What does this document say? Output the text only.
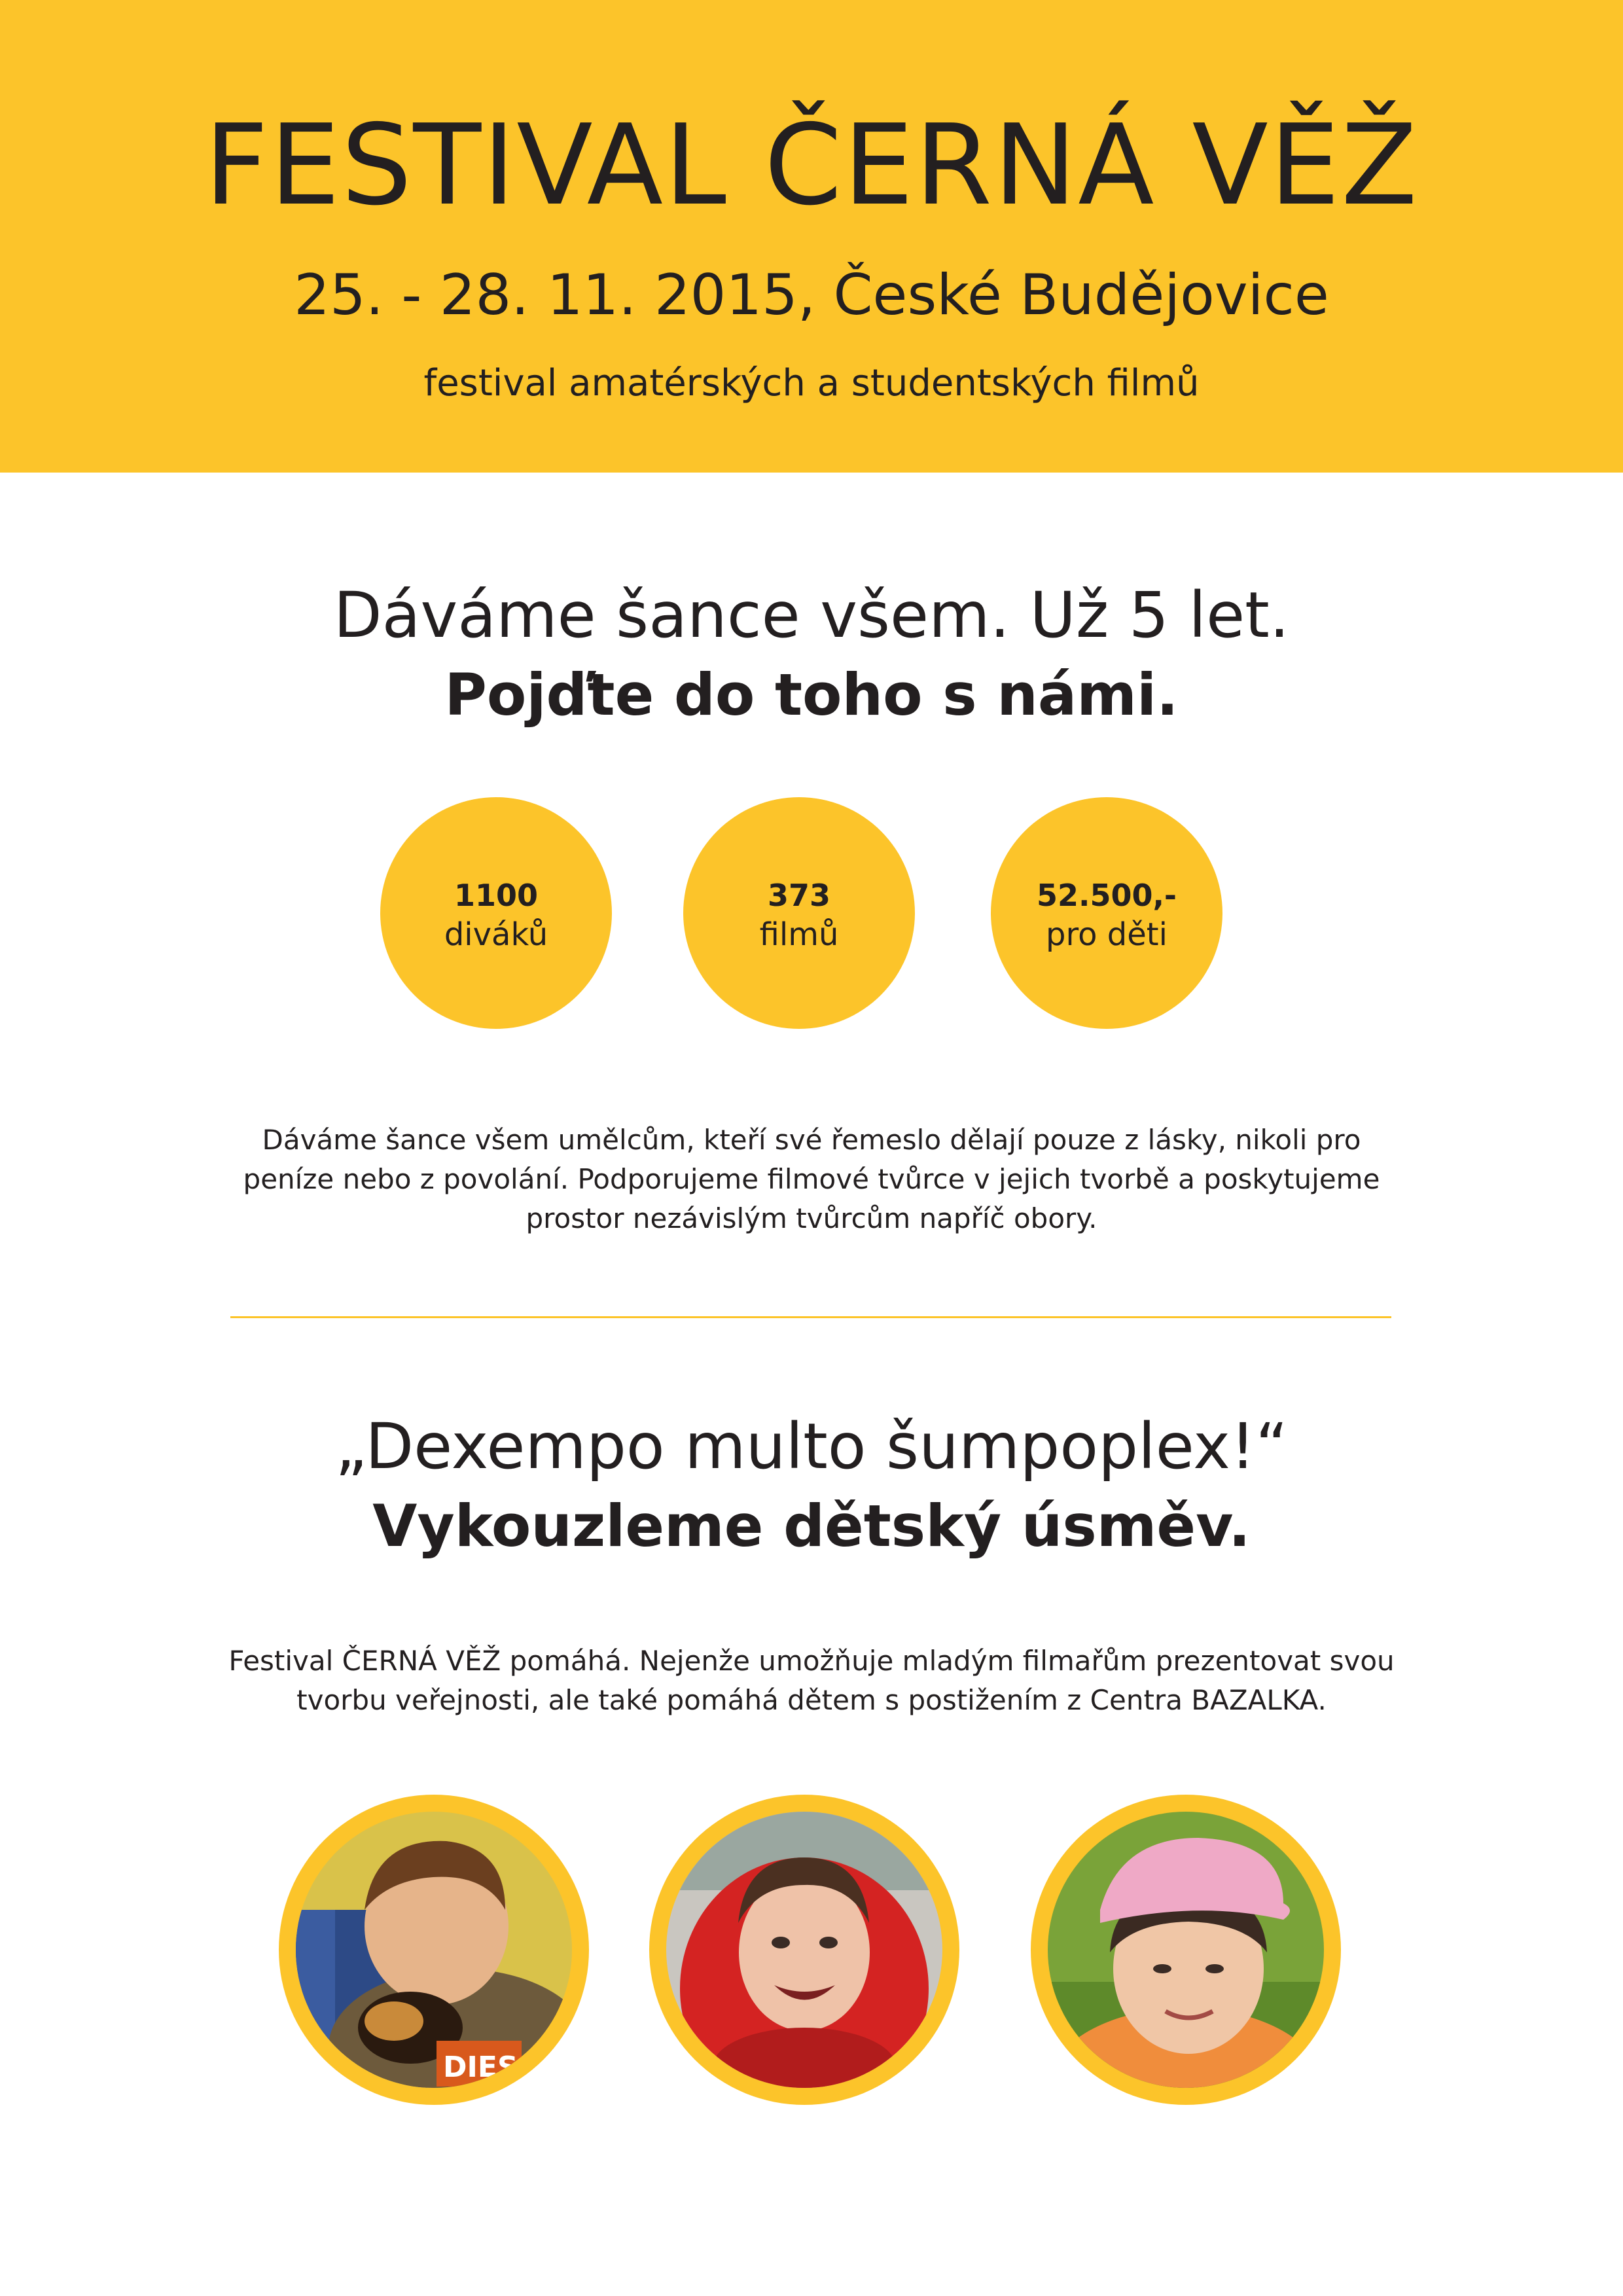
FESTIVAL ČERNÁ VĚŽ
25. - 28. 11. 2015, České Budějovice
festival amatérských a studentských filmů
Dáváme šance všem. Už 5 let.
Pojďte do toho s námi.
1100
diváků
373
filmů
52.500,-
pro děti

Dáváme šance všem umělcům, kteří své řemeslo dělají pouze z lásky, nikoli pro

peníze nebo z povolání. Podporujeme filmové tvůrce v jejich tvorbě a poskytujeme

prostor nezávislým tvůrcům napříč obory.

„Dexempo multo šumpoplex!“
Vykouzleme dětský úsměv.

Festival ČERNÁ VĚŽ pomáhá. Nejenže umožňuje mladým filmařům prezentovat svou

tvorbu veřejnosti, ale také pomáhá dětem s postižením z Centra BAZALKA.

DIES
